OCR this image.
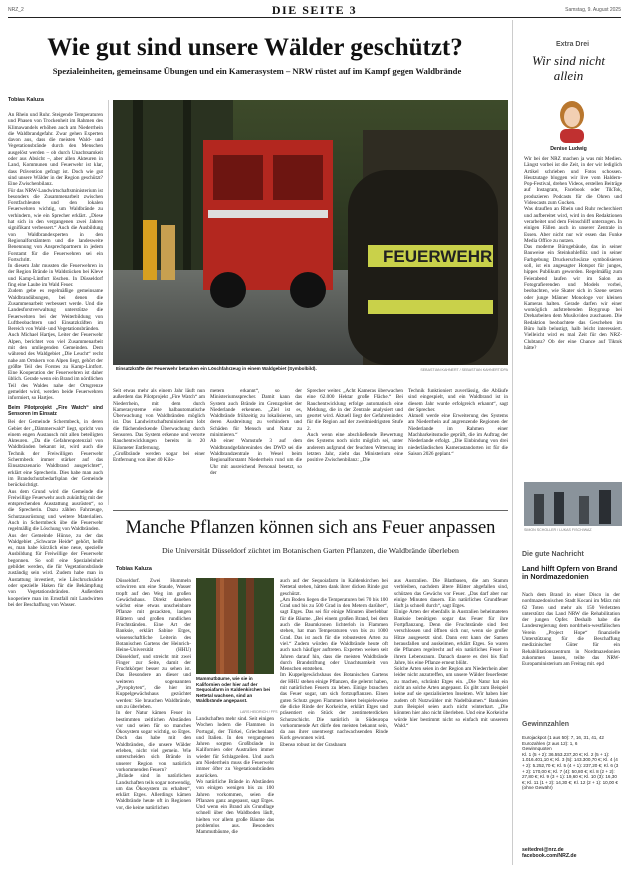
NRZ_2	DIE SEITE 3	Samstag, 9. August 2025
Wie gut sind unsere Wälder geschützt?
Spezialeinheiten, gemeinsame Übungen und ein Kamerasystem – NRW rüstet auf im Kampf gegen Waldbrände
Tobias Kaluza

An Rhein und Ruhr. Steigende Temperaturen und Phasen von Trockenheit im Rahmen des Klimawandels erhöhen auch am Niederrhein die Waldbrandgefahr. Zwar gehen Experten davon aus, dass die meisten Wald- und Vegetationsbrände durch den Menschen ausgelöst werden – ob durch Unachtsamkeit oder aus Absicht –, aber allen Akteuren in Land, Kommunen und Feuerwehr ist klar, dass Prävention gefragt ist. Doch wie gut sind unsere Wälder in der Region geschützt? Eine Zwischenbilanz.
Für das NRW-Landwirtschaftsministerium ist besonders die Zusammenarbeit zwischen Forstfachleuten und den lokalen Feuerwehren wichtig, um Waldbrände zu verhindern, wie ein Sprecher erklärt. „Diese hat sich in den vergangenen zwei Jahren signifikant verbessert.“ Auch die Ausbildung von Waldbrandexperten in den Regionalforstämtern und die landesweite Benennung von Ansprechpartnern in jedem Forstamt für die Feuerwehren sei ein Fortschritt.
In diesem Jahr mussten die Feuerwehren in der Region Brände in Waldstücken bei Kleve und Kamp-Lintfort löschen. In Düsseldorf fing eine Laube im Wald Feuer.
Zudem gebe es regelmäßige gemeinsame Waldbrandübungen, bei denen die Zusammenarbeit verbessert werde. Und die Landesforstverwaltung unterstütze die Feuerwehren bei der Weiterbildung von Luftbeobachtern und Einsatzkräften im Bereich von Wald- und Vegetationsbränden.
Auch Michael Hartjes, Leiter der Feuerwehr Alpen, berichtet von viel Zusammenarbeit mit den umliegenden Gemeinden. Dem während des Waldgebiet „Die Leucht“ recht nahe am Ortskern von Alpen liegt, gehört der größte Teil des Forstes zu Kamp-Lintfort. Eine Kooperation der Feuerwehren ist daher üblich. Gerade wenn ein Brand im nördlichen Teil des Waldes nahe der Ortsgrenze gemeldet wird, werden beide Feuerwehren informiert, so Hartjes.

Beim Pilotprojekt „Fire Watch“ sind Sensoren im Einsatz

Bei der Gemeinde Schermbeck, in deren Gebiet der „Dämmerwald“ liegt, spricht von einem engen Austausch mit allen beteiligten Akteuren. „Da die Gefahrenpotenzial von Waldbränden bekannt ist, wird auch die Technik der Freiwilligen Feuerwehr Schermbeck immer stärker auf das Einsatzszenario Waldbrand ausgerichtet“, erklärt eine Sprecherin. Dies habe man auch im Brandschutzbedarfsplan der Gemeinde berücksichtigt.
Aus dem Grund wird die Gemeinde die Freiwillige Feuerwehr auch zukünftig mit der entsprechenden Ausstattung ausrüsten“, so die Sprecherin. Dazu zählen Fahrzeuge, Schutzausrüstung und weitere Materialien. Auch in Schermbeck übe die Feuerwehr regelmäßig die Löschung von Waldbränden.
Aus der Gemeinde Hünxe, zu der das Waldgebiet „Schwarze Heide“ gehört, heißt es, man habe kürzlich eine neue, spezielle Ausbildung für Freiwillige der Feuerwehr begonnen. So soll eine Spezialeinheit gebildet werden, die für Vegetationsbrände zuständig sein wird. Zudem habe man in Austattung investiert, wie Löschrucksäcke oder spezielle Haken für die Bekämpfung von Vegetationsbränden. Außerdem kooperiere man im Ernstfall mit Landwirten bei der Beschaffung von Wasser.

FEUERWEHR
Einsatzkräfte der Feuerwehr betanken ein Löschfahrzeug in einem Waldgebiet (Symbolbild).	SEBASTIAN KAHNERT / SEBASTIAN KAHNERT/DPA

Seit etwas mehr als einem Jahr läuft nun außerdem das Pilotprojekt „Fire Watch“ am Niederrhein, mit dem durch Kamerasysteme eine halbautomatische Überwachung von Waldbränden möglich ist. Das Landwirtschaftsministerium lobt die flächendeckende Überwachung durch Sensoren. Das System erkenne und verorte Rauchentwicklungen bereits in 20 Kilometer Entfernung.
„Großbrände werden sogar bei einer Entfernung von über 40 Kilo-

metern erkannt“, so der Ministeriumssprecher. Damit kann das System auch Brände im Grenzgebiet der Niederlande erkennen. „Ziel ist es, Waldbrände frühzeitig zu lokalisieren, um deren Ausbreitung zu verhindern und Schäden für Mensch und Natur zu minimieren.“
Ab einer Warnstufe 3 auf dem Waldbrandgefahrenindex des DWD sei die Waldbrandzentrale in Wesel beim Regionalforstamt Niederrhein rund um die Uhr mit ausreichend Personal besetzt, so der

Sprecher weiter. „Acht Kameras überwachen eine 62.000 Hektar große Fläche.“ Bei Rauchentwicklung erfolge automatisch eine Meldung, die in der Zentrale analysiert und geortet wird. Aktuell liegt der Gefahrenindex für die Region auf der zweitniedrigsten Stufe 2.
Auch wenn eine abschließende Bewertung des Systems noch nicht möglich sei, unter anderem aufgrund der feuchten Witterung im letzten Jahr, zieht das Ministerium eine positive Zwischenbilanz: „Die

Technik funktioniert zuverlässig, die Abläufe sind eingespielt, und ein Waldbrand ist in diesem Jahr wurde erfolgreich erkannt“, sagt der Sprecher.
Aktuell werde eine Erweiterung des Systems am Niederrhein auf angrenzende Regionen der Niederlande im Rahmen einer Machbarkeitsstudie geprüft, die im Auftrag der Niederlande erfolgt. „Die Einbindung von drei niederländischen Kamerastandorten ist für die Saison 2026 geplant.“

Extra Drei
Wir sind nicht allein
Denise Ludwig

Wir bei der NRZ machen ja was mit Medien. Längst vorbei ist die Zeit, in der wir lediglich Artikel schrieben und Fotos schossen. Heutzutage bloggen wir live vom Haldern-Pop-Festival, drehen Videos, erstellen Beiträge auf Instagram, Facebook oder TikTok, produzieren Podcasts für die Ohren und Videocasts zum Gucken.
Was drauflen an Rhein und Ruhr recherchiert und aufbereitet wird, wird in den Redaktionen verarbeitet und dem Feinschliff unterzogen. In einigen Fällen auch in unserer Zentrale in Essen. Aber nicht nur wir essen das Funke Media Office zu nutzen.
Das moderne Bürogebäude, das in seiner Bauweise ein Steinkohleflöz und in seiner Farbgebung Druckerschwärze symbolisieren soll, ist ein angesagter Hotspot für junges, hippes Publikum geworden. Regelmäßig zum Feierabend laufen wir im Salon an Fotografierenden und Models vorbei, beobachten, wie Skater sich in Szene setzen oder junge Männer Monologe vor kleinen Kameras halten. Gerade darfen wir einer womöglich aufstrebenden Boygroup bei Dreharbeiten dem Musikvideo zuschauen. Die Redaktion beobachtete das Geschehen im Büro halb belustigt, halb leicht interessiert. Vielleicht wird es mal Zeit für den NRZ-Clubtanz? Ob der eine Chance auf Tiktok hätte?

SIMON SCHOLLER / LUKAS FISCH/WAZ
Die gute Nachricht
Land hilft Opfern von Brand in Nordmazedonien

Nach dem Brand in einer Disco in der nordmazedonischen Stadt Kocani im März mit 62 Toten und mehr als 150 Verletzten unterstützt das Land NRW die Rehabilitation der jungen Opfer. Deshalb habe die Landesregierung dem nordrhein-westfälischen Verein „Project Hope“ finanzielle Unterstützung für die Beschaffung medizinischer Güter für ein Rehabilitationszentrum in Nordmazedonien zukommen lassen, teilte das NRW-Europaministerium am Freitag mit. epd

Gewinnzahlen
Eurojackpot (1 aus 50): 7, 16, 31, 41, 42
Eurozahlen (2 aus 12): 1, 6
Gewinnquoten
Kl. 1 (5 + 2): 36.553.237,20 €; Kl. 2 (5 + 1): 1.016.401,10 €; Kl. 3 (5): 143.300,70 €; Kl. 4 (4 + 2): 5.252,70 €; Kl. 5 (4 + 1): 237,20 €; Kl. 6 (3 + 2): 170,00 €; Kl. 7 (4): 50,80 €; Kl. 8 (2 + 2): 27,80 €; Kl. 9 (3 + 1): 19,60 €; Kl. 10 (3): 16,30 €; Kl. 11 (1 + 2): 14,30 €; Kl. 12 (2 + 1): 10,00 € (ohne Gewähr)
seitedrei@nrz.de
facebook.com/NRZ.de
Manche Pflanzen können sich ans Feuer anpassen
Die Universität Düsseldorf züchtet im Botanischen Garten Pflanzen, die Waldbrände überleben
Tobias Kaluza

Düsseldorf. Zwei Hummeln schwirren um eine Staude, Wasser tropft auf den Weg im großen Gewächshaus. Direkt daneben wächst eine etwas unscheinbare Pflanze mit gezackten, langen Blättern und großen rundlichen Fruchtständen. Eine Art der Banksie, erklärt Sabine Etges, wissenschaftliche Leiterin des Botanischen Gartens der Heinrich-Heine-Universität (HHU) Düsseldorf, und streicht mit zwei Finger zur Seite, damit der Fruchtkörper besser zu sehen ist. Das Besondere an dieser und weiteren sogenannten „Pyrophyten“, die hier im Kuppelgewächshaus gezüchtet werden: Sie brauchen Waldbrände, um zu überleben.
In der Natur kämen Feuer in bestimmten zeitlichen Abständen vor und seien für so manches Ökosystem sogar wichtig, so Etges. Doch das habe mit den Waldbränden, die unsere Wälder erleben, nicht viel gemein. Wie unterscheiden sich Brände in unserer Region von natürlich vorkommenden Feuern?
„Brände sind in natürlichen Landschaften teils sogar notwendig, um das Ökosystem zu erhalten“, erklärt Etges. Allerdings kämen Waldbrände heute oft in Regionen vor, die keine natürlichen

Mammutbäume, wie sie in Kalifornien oder hier auf der Sequoiafarm in Kaldenkirchen bei Nettetal wachsen, sind an Waldbrände angepasst.
LARS HEIDRICH / FFS

Landschaften mehr sind. Seit einigen Wochen lodern die Flammen in Portugal, der Türkei, Griechenland und Italien. In den vergangenen Jahren sorgten Großbrände in Kalifornien oder Australien immer wieder für Schlagzeilen. Und auch am Niederrhein muss die Feuerwehr immer öfter zu Vegetationsbränden ausrücken.
Wo natürliche Brände in Abständen von einigen wenigen bis zu 100 Jahren vorkommen, seien die Pflanzen ganz angepasst, sagt Etges. Und wenn ein Brand als Grundlage schnell über den Waldboden läuft, hielten vor allem große Bäume das problemlos aus. Besonders Mammutbäume, die

auch auf der Sequoiafarm in Kaldenkirchen bei Nettetal stehen, hätten dank ihrer dicken Rinde gut geschützt.
„Am Boden liegen die Temperaturen bei 70 bis 100 Grad und bis zu 500 Grad in den Metern darüber“, sagt Etges. Das sei für einige Minuten überlebbar für die Bäume. „Bei einem großen Brand, bei dem auch die Baumkronen lichterloh in Flammen stehen, hat man Temperaturen von bis zu 1000 Grad. Das ist auch für die robustesten Arten zu viel.“ Zudem würden die Waldbrände heute oft auch nach häufiger auftreten. Experten weisen seit Jahren darauf hin, dass die meisten Waldbrände durch Brandstiftung oder Unachtsamkeit von Menschen entstehen.
Im Kuppelgewächshaus des Botanischen Gartens der HHU stehen einige Pflanzen, die gelernt haben, mit natürlichen Feuern zu leben. Einige brauchen das Feuer sogar, um sich fortzupflanzen. Einen guten Schutz gegen Flammen bietet beispielsweise die dicke Rinde der Korkeiche, erklärt Etges und präsentiert ein Stück der zentimeterdicken Schutzschicht. Die natürlich in Südeuropa vorkommende Art dürfe den meisten bekannt sein, da aus ihrer unentwegt nachwachsenden Rinde Kork gewonnen wird.
Ebenso robust ist der Grasbaum

aus Australien. Die Blattbasen, die am Stamm verbleiben, nachdem ältere Blätter abgefallen sind, schützen das Gewächs vor Feuer. „Das darf aber nur einige Minuten dauern. Ein natürliches Grundfeuer läuft ja schnell durch“, sagt Etges.
Einige Arten der ebenfalls in Australien beheimateten Banksie benötigen sogar das Feuer für ihre Fortpflanzung. Denn die Fruchtstände sind fest verschlossen und öffnen sich nur, wenn sie großer Hitze ausgesetzt sind. Dann erst kann der Samen herausfallen und auskeimen, erklärt Etges. So waren die Pflanzen regelrecht auf ein natürliches Feuer in ihrem Lebensraum. Danach dauere es drei bis fünf Jahre, bis eine Pflanze erneut blüht.
Solche Arten seien in der Region am Niederrhein aber leider nicht anzutreffen, um unsere Wälder feuerfester zu machen, schränkt Etges ein. „Die Natur hat ein nicht an solche Arten angepasst. Es gibt zum Beispiel keine auf sie spezialisierten Insekten. Wir haben hier zudem oft Nutzwälder mit Nadelbäumen.“ Banksien zum Beispiel seien auch nicht winterhart. „Die könnten hier also nicht überleben. Und eine Korkeiche würde hier bestimmt nicht so einfach mit unserem Wald.“
